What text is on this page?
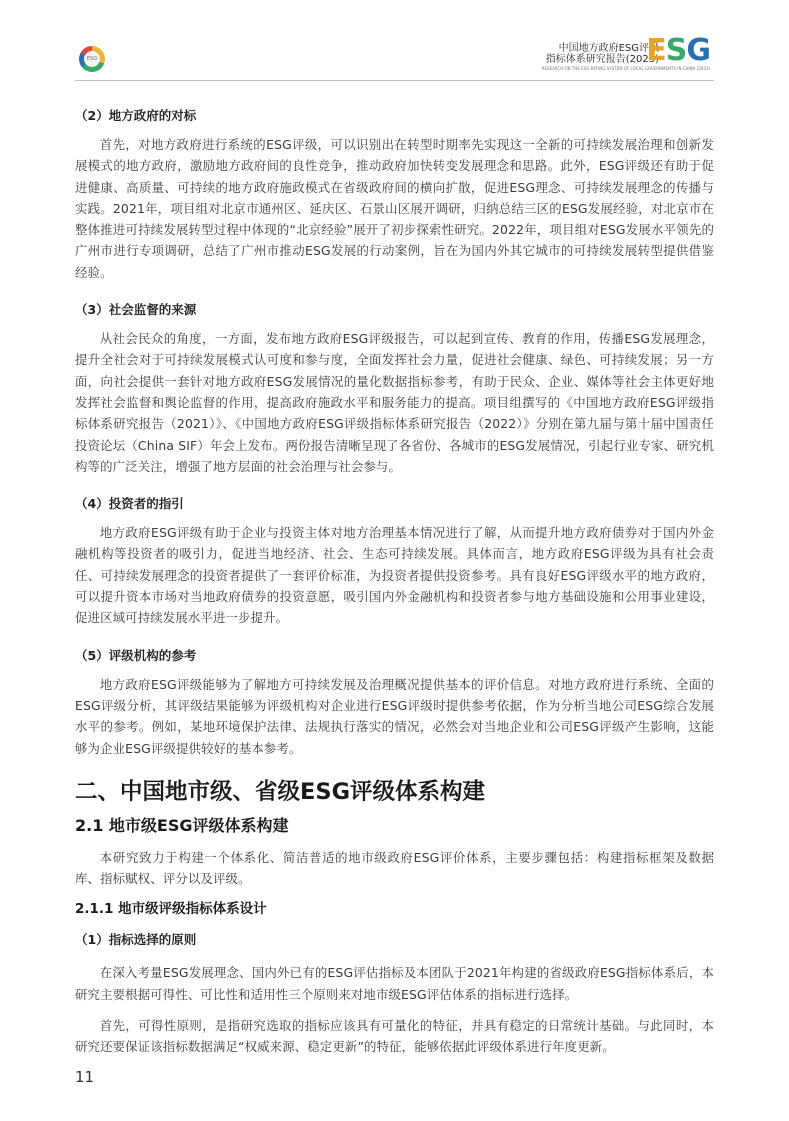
ESG
中国地方政府ESG评级
指标体系研究报告(2023)
ESG
RESEARCH ON THE ESG RATING SYSTEM OF LOCAL GOVERNMENTS IN CHINA (2023)
（2）地方政府的对标

首先，对地方政府进行系统的ESG评级，可以识别出在转型时期率先实现这一全新的可持续发展治理和创新发展模式的地方政府，激励地方政府间的良性竞争，推动政府加快转变发展理念和思路。此外，ESG评级还有助于促进健康、高质量、可持续的地方政府施政模式在省级政府间的横向扩散，促进ESG理念、可持续发展理念的传播与实践。2021年，项目组对北京市通州区、延庆区、石景山区展开调研，归纳总结三区的ESG发展经验，对北京市在整体推进可持续发展转型过程中体现的“北京经验”展开了初步探索性研究。2022年，项目组对ESG发展水平领先的广州市进行专项调研，总结了广州市推动ESG发展的行动案例，旨在为国内外其它城市的可持续发展转型提供借鉴经验。

（3）社会监督的来源

从社会民众的角度，一方面，发布地方政府ESG评级报告，可以起到宣传、教育的作用，传播ESG发展理念，提升全社会对于可持续发展模式认可度和参与度，全面发挥社会力量，促进社会健康、绿色、可持续发展；另一方面，向社会提供一套针对地方政府ESG发展情况的量化数据指标参考，有助于民众、企业、媒体等社会主体更好地发挥社会监督和舆论监督的作用，提高政府施政水平和服务能力的提高。项目组撰写的《中国地方政府ESG评级指标体系研究报告（2021）》、《中国地方政府ESG评级指标体系研究报告（2022）》分别在第九届与第十届中国责任投资论坛（China SIF）年会上发布。两份报告清晰呈现了各省份、各城市的ESG发展情况，引起行业专家、研究机构等的广泛关注，增强了地方层面的社会治理与社会参与。

（4）投资者的指引

地方政府ESG评级有助于企业与投资主体对地方治理基本情况进行了解，从而提升地方政府债券对于国内外金融机构等投资者的吸引力，促进当地经济、社会、生态可持续发展。具体而言，地方政府ESG评级为具有社会责任、可持续发展理念的投资者提供了一套评价标准，为投资者提供投资参考。具有良好ESG评级水平的地方政府，可以提升资本市场对当地政府债券的投资意愿，吸引国内外金融机构和投资者参与地方基础设施和公用事业建设，促进区域可持续发展水平进一步提升。

（5）评级机构的参考

地方政府ESG评级能够为了解地方可持续发展及治理概况提供基本的评价信息。对地方政府进行系统、全面的ESG评级分析，其评级结果能够为评级机构对企业进行ESG评级时提供参考依据，作为分析当地公司ESG综合发展水平的参考。例如，某地环境保护法律、法规执行落实的情况，必然会对当地企业和公司ESG评级产生影响，这能够为企业ESG评级提供较好的基本参考。

二、中国地市级、省级ESG评级体系构建
2.1 地市级ESG评级体系构建

本研究致力于构建一个体系化、简洁普适的地市级政府ESG评价体系，主要步骤包括：构建指标框架及数据库、指标赋权、评分以及评级。

2.1.1 地市级评级指标体系设计
（1）指标选择的原则

在深入考量ESG发展理念、国内外已有的ESG评估指标及本团队于2021年构建的省级政府ESG指标体系后，本研究主要根据可得性、可比性和适用性三个原则来对地市级ESG评估体系的指标进行选择。

首先，可得性原则，是指研究选取的指标应该具有可量化的特征，并具有稳定的日常统计基础。与此同时，本研究还要保证该指标数据满足“权威来源、稳定更新”的特征，能够依据此评级体系进行年度更新。

11
